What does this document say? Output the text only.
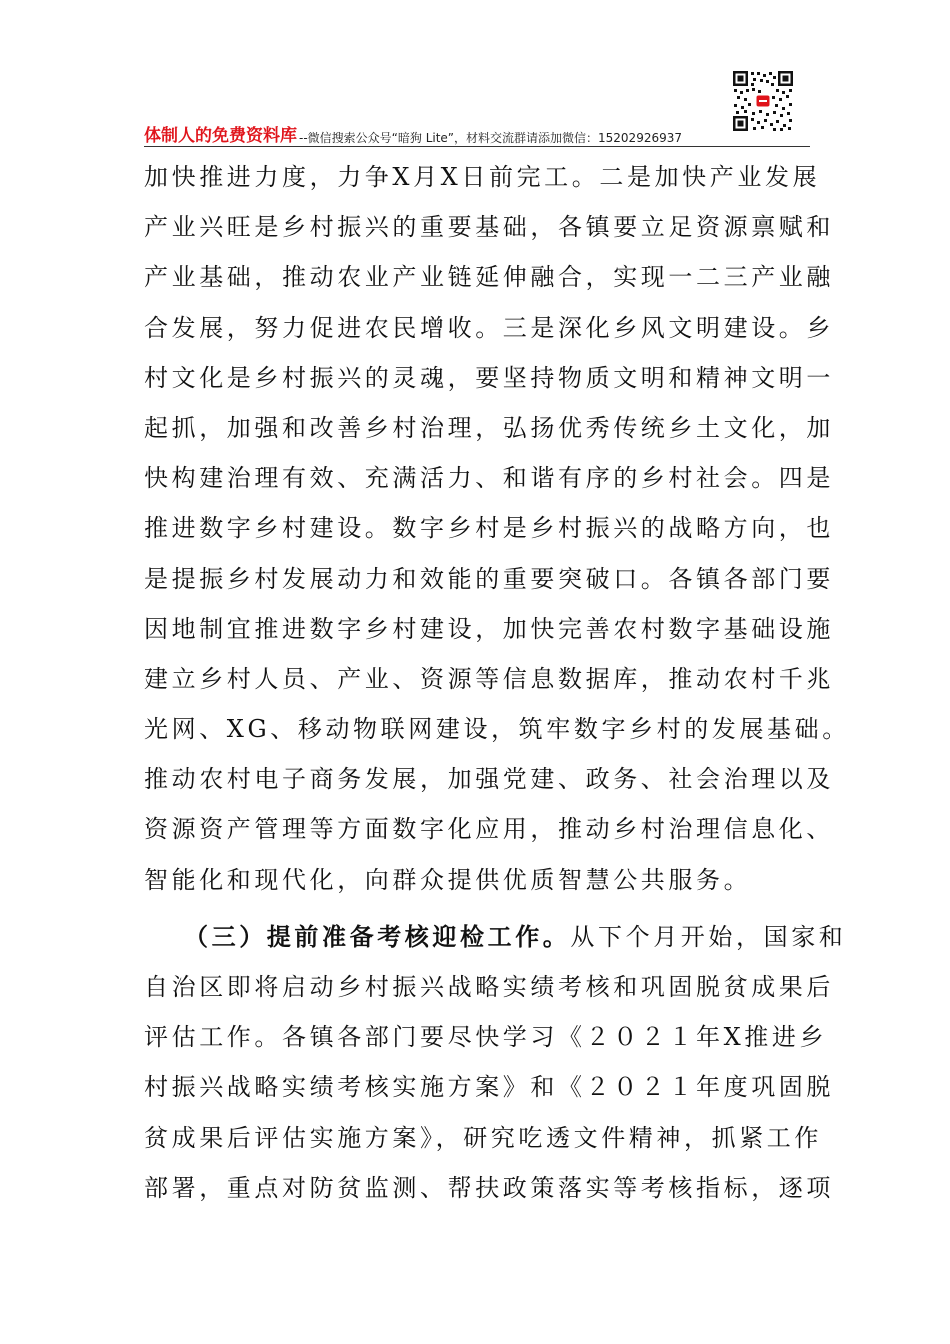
体制人的免费资料库 --微信搜索公众号“暗狗 Lite”，材料交流群请添加微信：15202926937
加快推进力度，力争X月X日前完工。二是加快产业发展
产业兴旺是乡村振兴的重要基础，各镇要立足资源禀赋和
产业基础，推动农业产业链延伸融合，实现一二三产业融
合发展，努力促进农民增收。三是深化乡风文明建设。乡
村文化是乡村振兴的灵魂，要坚持物质文明和精神文明一
起抓，加强和改善乡村治理，弘扬优秀传统乡土文化，加
快构建治理有效、充满活力、和谐有序的乡村社会。四是
推进数字乡村建设。数字乡村是乡村振兴的战略方向，也
是提振乡村发展动力和效能的重要突破口。各镇各部门要
因地制宜推进数字乡村建设，加快完善农村数字基础设施
建立乡村人员、产业、资源等信息数据库，推动农村千兆
光网、XG、移动物联网建设，筑牢数字乡村的发展基础。
推动农村电子商务发展，加强党建、政务、社会治理以及
资源资产管理等方面数字化应用，推动乡村治理信息化、
智能化和现代化，向群众提供优质智慧公共服务。
（三）提前准备考核迎检工作。从下个月开始，国家和
自治区即将启动乡村振兴战略实绩考核和巩固脱贫成果后
评估工作。各镇各部门要尽快学习《２０２１年X推进乡
村振兴战略实绩考核实施方案》和《２０２１年度巩固脱
贫成果后评估实施方案》，研究吃透文件精神，抓紧工作
部署，重点对防贫监测、帮扶政策落实等考核指标，逐项
